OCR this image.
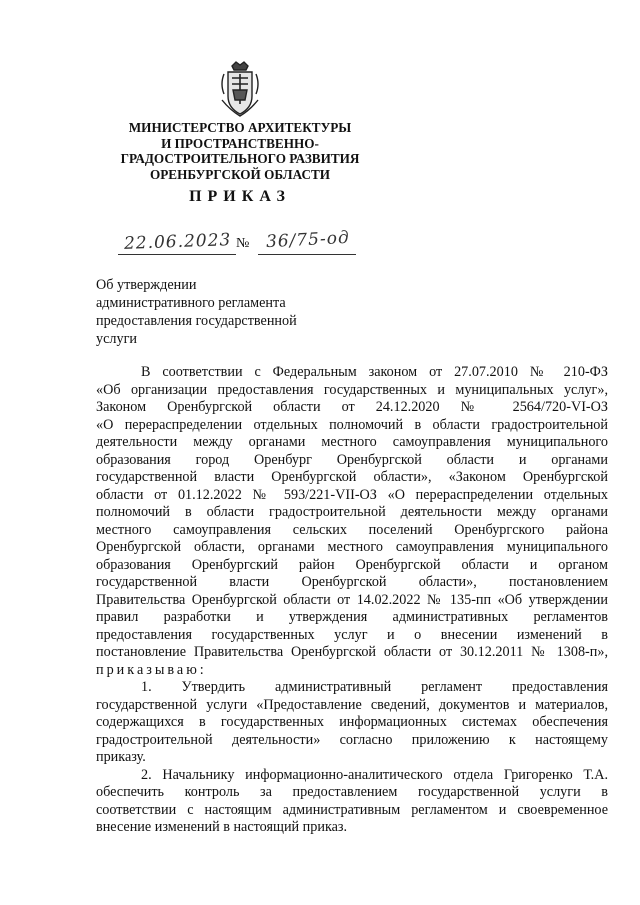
МИНИСТЕРСТВО АРХИТЕКТУРЫ
И ПРОСТРАНСТВЕННО-
ГРАДОСТРОИТЕЛЬНОГО РАЗВИТИЯ
ОРЕНБУРГСКОЙ ОБЛАСТИ
ПРИКАЗ
22.06.2023 № 36/75-од
Об утверждении
административного регламента
предоставления государственной
услуги
В соответствии с Федеральным законом от 27.07.2010 № 210-ФЗ
«Об организации предоставления государственных и муниципальных услуг»,
Законом Оренбургской области от 24.12.2020 № 2564/720-VI-ОЗ
«О перераспределении отдельных полномочий в области градостроительной
деятельности между органами местного самоуправления муниципального
образования город Оренбург Оренбургской области и органами
государственной власти Оренбургской области», «Законом Оренбургской
области от 01.12.2022 № 593/221-VII-ОЗ «О перераспределении отдельных
полномочий в области градостроительной деятельности между органами
местного самоуправления сельских поселений Оренбургского района
Оренбургской области, органами местного самоуправления муниципального
образования Оренбургский район Оренбургской области и органом
государственной власти Оренбургской области», постановлением
Правительства Оренбургской области от 14.02.2022 № 135-пп «Об утверждении
правил разработки и утверждения административных регламентов
предоставления государственных услуг и о внесении изменений в
постановление Правительства Оренбургской области от 30.12.2011 № 1308-п»,
приказываю:
1. Утвердить административный регламент предоставления
государственной услуги «Предоставление сведений, документов и материалов,
содержащихся в государственных информационных системах обеспечения
градостроительной деятельности» согласно приложению к настоящему
приказу.
2. Начальнику информационно-аналитического отдела Григоренко Т.А.
обеспечить контроль за предоставлением государственной услуги в
соответствии с настоящим административным регламентом и своевременное
внесение изменений в настоящий приказ.
